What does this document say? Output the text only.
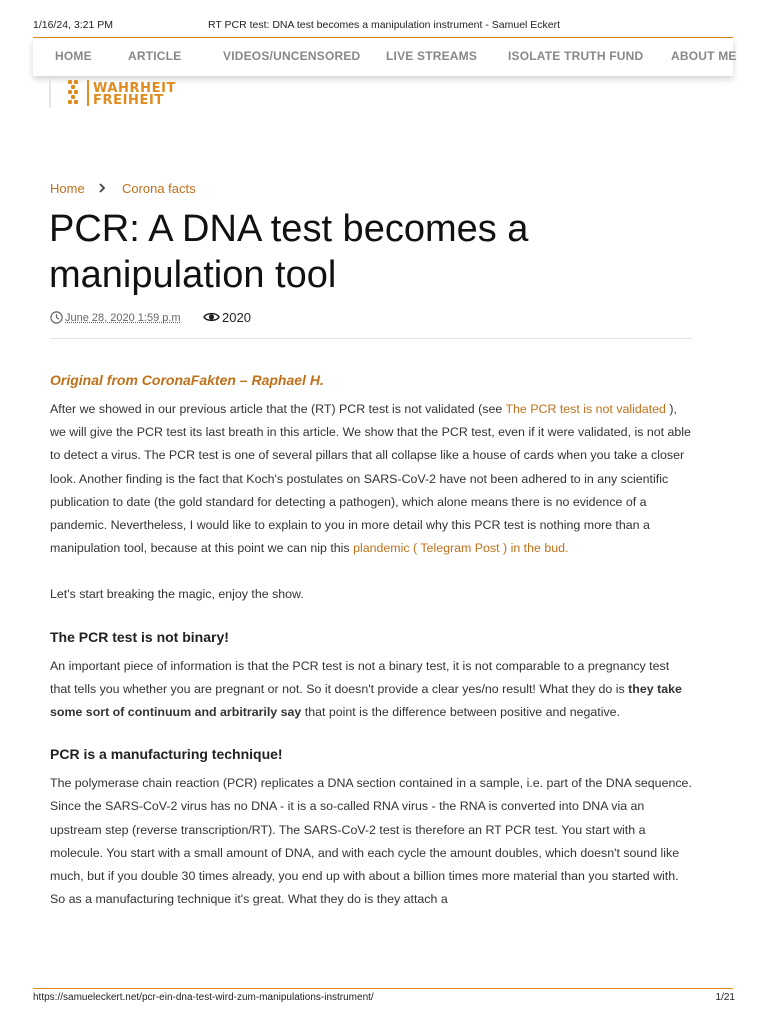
1/16/24, 3:21 PM	RT PCR test: DNA test becomes a manipulation instrument - Samuel Eckert
HOME	ARTICLE	VIDEOS/UNCENSORED LIVE STREAMS	ISOLATE TRUTH FUND ABOUT ME
WAHRHEIT
FREIHEIT
Home	Corona facts
PCR: A DNA test becomes a manipulation tool
June 28, 2020 1:59 p.m	2020

Original from CoronaFakten – Raphael H.

After we showed in our previous article that the (RT) PCR test is not validated (see The PCR test is not validated ), we will give the PCR test its last breath in this article. We show that the PCR test, even if it were validated, is not able to detect a virus. The PCR test is one of several pillars that all collapse like a house of cards when you take a closer look. Another finding is the fact that Koch's postulates on SARS-CoV-2 have not been adhered to in any scientific publication to date (the gold standard for detecting a pathogen), which alone means there is no evidence of a pandemic. Nevertheless, I would like to explain to you in more detail why this PCR test is nothing more than a manipulation tool, because at this point we can nip this plandemic ( Telegram Post ) in the bud.

Let's start breaking the magic, enjoy the show.

The PCR test is not binary!

An important piece of information is that the PCR test is not a binary test, it is not comparable to a pregnancy test that tells you whether you are pregnant or not. So it doesn't provide a clear yes/no result! What they do is they take some sort of continuum and arbitrarily say that point is the difference between positive and negative.

PCR is a manufacturing technique!

The polymerase chain reaction (PCR) replicates a DNA section contained in a sample, i.e. part of the DNA sequence. Since the SARS-CoV-2 virus has no DNA - it is a so-called RNA virus - the RNA is converted into DNA via an upstream step (reverse transcription/RT). The SARS-CoV-2 test is therefore an RT PCR test. You start with a molecule. You start with a small amount of DNA, and with each cycle the amount doubles, which doesn't sound like much, but if you double 30 times already, you end up with about a billion times more material than you started with. So as a manufacturing technique it's great. What they do is they attach a

https://samueleckert.net/pcr-ein-dna-test-wird-zum-manipulations-instrument/	1/21
